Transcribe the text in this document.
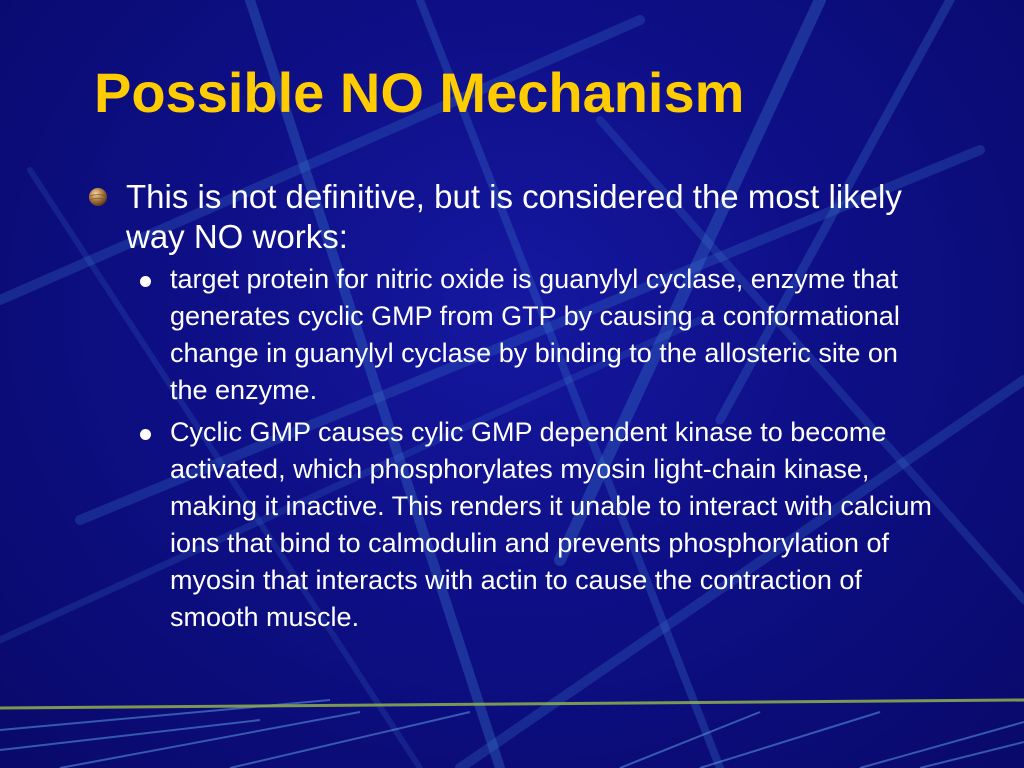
Possible NO Mechanism
This is not definitive, but is considered the most likely way NO works:
target protein for nitric oxide is guanylyl cyclase, enzyme that generates cyclic GMP from GTP by causing a conformational change in guanylyl cyclase by binding to the allosteric site on the enzyme.
Cyclic GMP causes cylic GMP dependent kinase to become activated, which phosphorylates myosin light-chain kinase, making it inactive. This renders it unable to interact with calcium ions that bind to calmodulin and prevents phosphorylation of myosin that interacts with actin to cause the contraction of smooth muscle.
